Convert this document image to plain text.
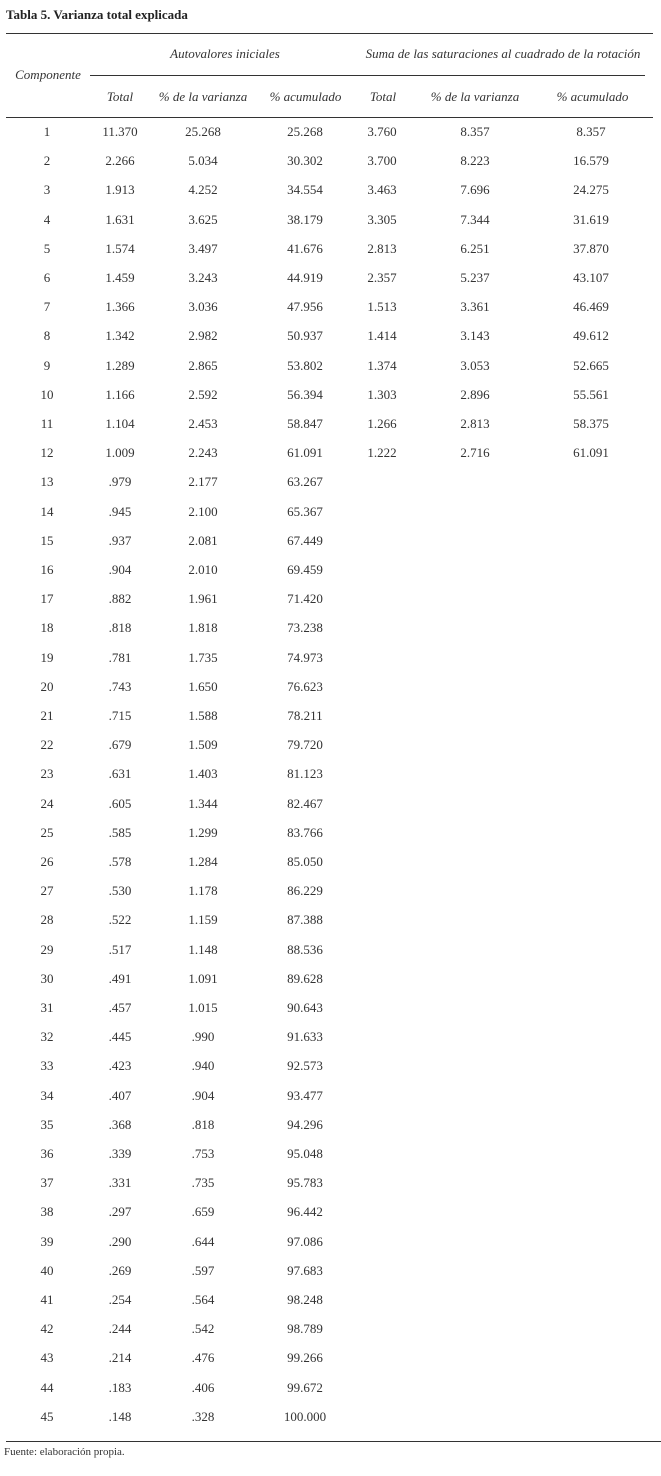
Tabla 5. Varianza total explicada
Componente
Autovalores iniciales	Suma de las saturaciones al cuadrado de la rotación
Total	% de la varianza	% acumulado	Total	% de la varianza	% acumulado
1	11.370	25.268	25.268	3.760	8.357	8.357
2	2.266	5.034	30.302	3.700	8.223	16.579
3	1.913	4.252	34.554	3.463	7.696	24.275
4	1.631	3.625	38.179	3.305	7.344	31.619
5	1.574	3.497	41.676	2.813	6.251	37.870
6	1.459	3.243	44.919	2.357	5.237	43.107
7	1.366	3.036	47.956	1.513	3.361	46.469
8	1.342	2.982	50.937	1.414	3.143	49.612
9	1.289	2.865	53.802	1.374	3.053	52.665
10	1.166	2.592	56.394	1.303	2.896	55.561
11	1.104	2.453	58.847	1.266	2.813	58.375
12	1.009	2.243	61.091	1.222	2.716	61.091
13	.979	2.177	63.267
14	.945	2.100	65.367
15	.937	2.081	67.449
16	.904	2.010	69.459
17	.882	1.961	71.420
18	.818	1.818	73.238
19	.781	1.735	74.973
20	.743	1.650	76.623
21	.715	1.588	78.211
22	.679	1.509	79.720
23	.631	1.403	81.123
24	.605	1.344	82.467
25	.585	1.299	83.766
26	.578	1.284	85.050
27	.530	1.178	86.229
28	.522	1.159	87.388
29	.517	1.148	88.536
30	.491	1.091	89.628
31	.457	1.015	90.643
32	.445	.990	91.633
33	.423	.940	92.573
34	.407	.904	93.477
35	.368	.818	94.296
36	.339	.753	95.048
37	.331	.735	95.783
38	.297	.659	96.442
39	.290	.644	97.086
40	.269	.597	97.683
41	.254	.564	98.248
42	.244	.542	98.789
43	.214	.476	99.266
44	.183	.406	99.672
45	.148	.328	100.000
Fuente: elaboración propia.
